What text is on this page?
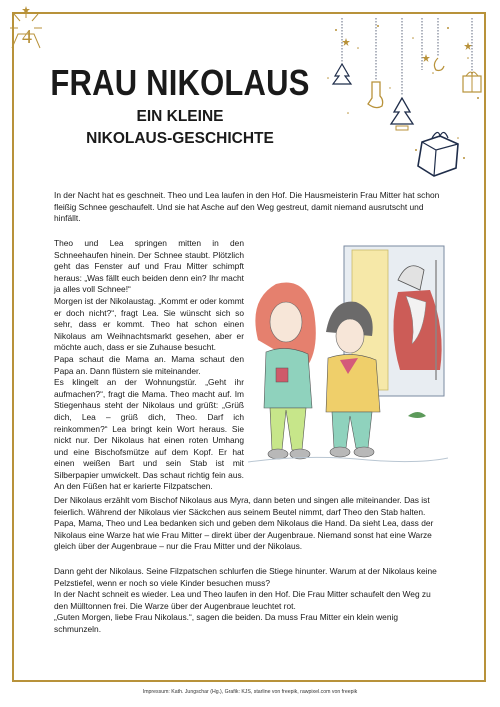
4
FRAU NIKOLAUS
EIN KLEINE
NIKOLAUS-GESCHICHTE

In der Nacht hat es geschneit. Theo und Lea laufen in den Hof. Die Hausmeisterin Frau Mitter hat schon fleißig Schnee geschaufelt. Und sie hat Asche auf den Weg gestreut, damit niemand ausrutscht und hinfällt.

Theo und Lea springen mitten in den Schneehaufen hinein. Der Schnee staubt. Plötzlich geht das Fenster auf und Frau Mitter schimpft heraus: „Was fällt euch beiden denn ein? Ihr macht ja alles voll Schnee!“
Morgen ist der Nikolaustag. „Kommt er oder kommt er doch nicht?“, fragt Lea. Sie wünscht sich so sehr, dass er kommt. Theo hat schon einen Nikolaus am Weihnachtsmarkt gesehen, aber er möchte auch, dass er sie Zuhause besucht.
Papa schaut die Mama an. Mama schaut den Papa an. Dann flüstern sie miteinander.
Es klingelt an der Wohnungstür. „Geht ihr aufmachen?“, fragt die Mama. Theo macht auf. Im Stiegenhaus steht der Nikolaus und grüßt: „Grüß dich, Lea – grüß dich, Theo. Darf ich reinkommen?“ Lea bringt kein Wort heraus. Sie nickt nur. Der Nikolaus hat einen roten Umhang und eine Bischofsmütze auf dem Kopf. Er hat einen weißen Bart und sein Stab ist mit Silberpapier umwickelt. Das schaut richtig fein aus. An den Füßen hat er karierte Filzpatschen.

Der Nikolaus erzählt vom Bischof Nikolaus aus Myra, dann beten und singen alle miteinander. Das ist feierlich. Während der Nikolaus vier Säckchen aus seinem Beutel nimmt, darf Theo den Stab halten. Papa, Mama, Theo und Lea bedanken sich und geben dem Nikolaus die Hand. Da sieht Lea, dass der Nikolaus eine Warze hat wie Frau Mitter – direkt über der Augenbraue. Niemand sonst hat eine Warze gleich über der Augenbraue – nur die Frau Mitter und der Nikolaus.

Dann geht der Nikolaus. Seine Filzpatschen schlurfen die Stiege hinunter. Warum at der Nikolaus keine Pelzstiefel, wenn er noch so viele Kinder besuchen muss?
In der Nacht schneit es wieder. Lea und Theo laufen in den Hof. Die Frau Mitter schaufelt den Weg zu den Mülltonnen frei. Die Warze über der Augenbraue leuchtet rot.
„Guten Morgen, liebe Frau Nikolaus.“, sagen die beiden. Da muss Frau Mitter ein klein wenig schmunzeln.
Impressum: Kath. Jungschar (Hg.), Grafik: KJS, starline von freepik, rawpixel.com von freepik
